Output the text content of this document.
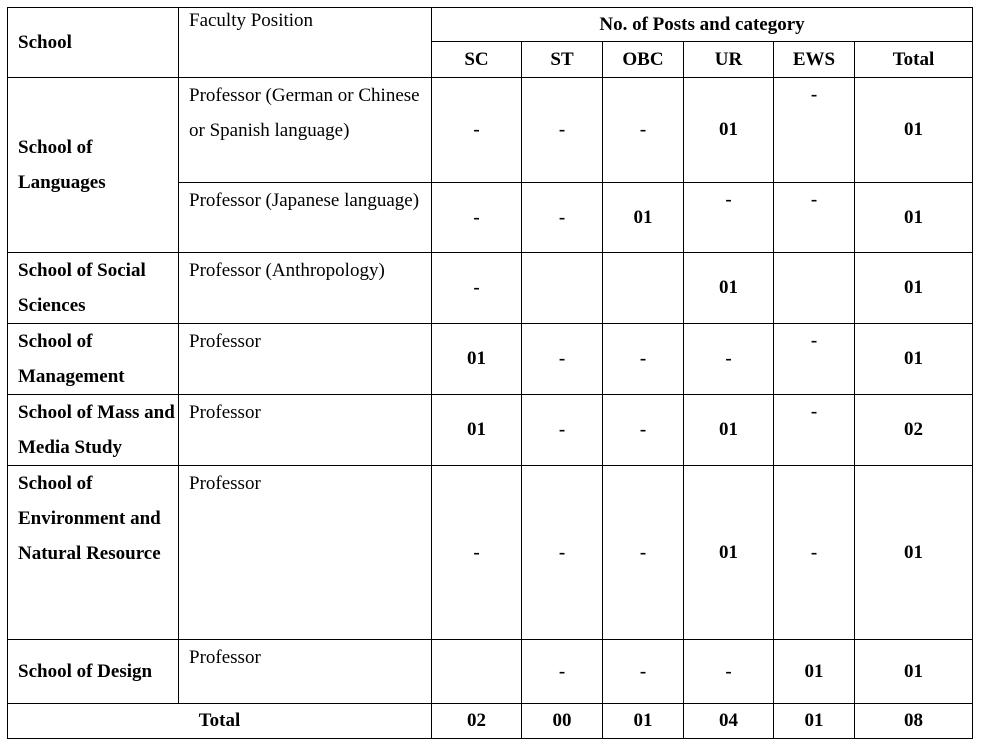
School	Faculty Position	No. of Posts and category					
		SC	ST	OBC	UR	EWS	Total
School of Languages	Professor (German or Chinese or Spanish language)	-	-	-	01	-	01
	Professor (Japanese language)	-	-	01	-	-	01
School of Social Sciences	Professor (Anthropology)	-			01		01
School of Management	Professor	01	-	-	-	-	01
School of Mass and Media Study	Professor	01	-	-	01	-	02
School of Environment and Natural Resource	Professor	-	-	-	01	-	01
School of Design	Professor		-	-	-	01	01
Total		02	00	01	04	01	08
